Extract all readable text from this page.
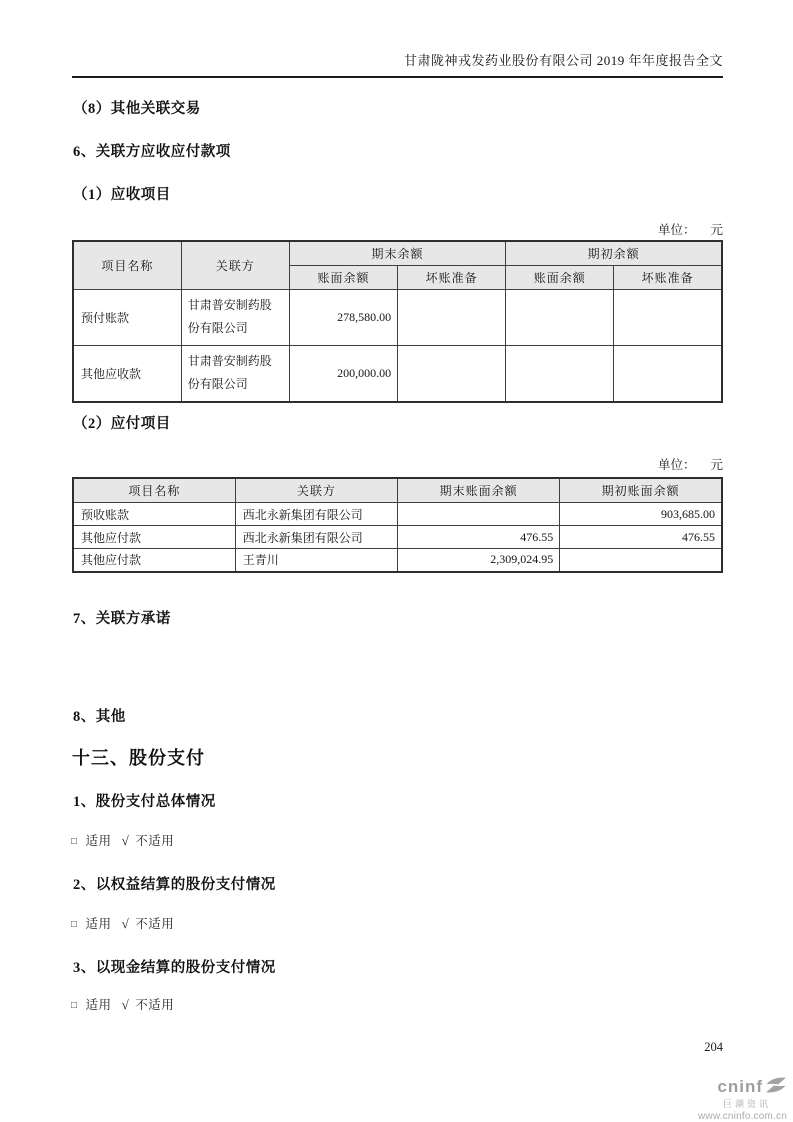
甘肃陇神戎发药业股份有限公司 2019 年年度报告全文
（8）其他关联交易
6、关联方应收应付款项
（1）应收项目
单位： 元
项目名称	关联方	期末余额		期初余额	
		账面余额	坏账准备	账面余额	坏账准备
预付账款	甘肃普安制药股份有限公司	278,580.00			
其他应收款	甘肃普安制药股份有限公司	200,000.00			
（2）应付项目
单位： 元
项目名称	关联方	期末账面余额	期初账面余额
预收账款	西北永新集团有限公司		903,685.00
其他应付款	西北永新集团有限公司	476.55	476.55
其他应付款	王青川	2,309,024.95	
7、关联方承诺
8、其他
十三、股份支付
1、股份支付总体情况
□ 适用 √ 不适用
2、以权益结算的股份支付情况
□ 适用 √ 不适用
3、以现金结算的股份支付情况
□ 适用 √ 不适用
204
cninf
巨潮资讯
www.cninfo.com.cn
